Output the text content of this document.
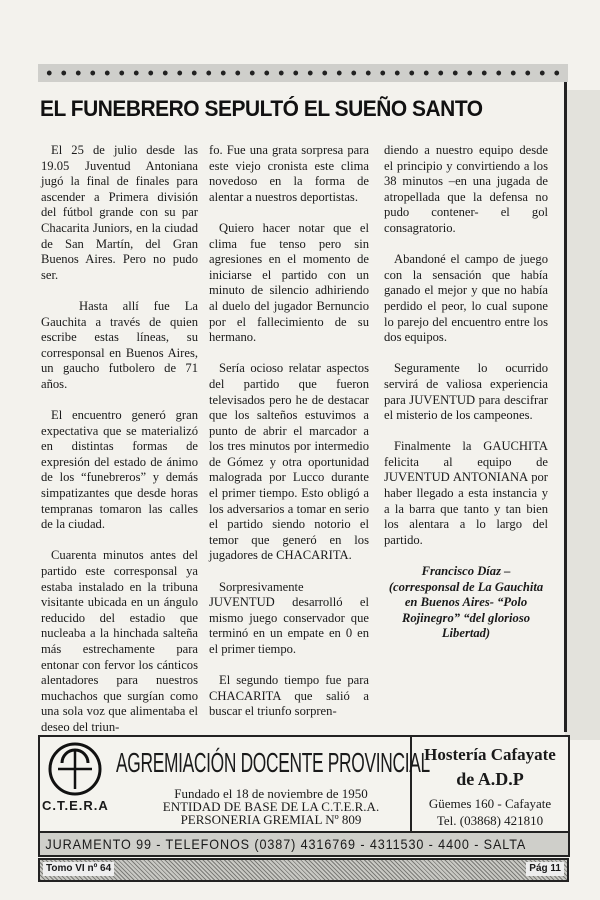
EL FUNEBRERO SEPULTÓ EL SUEÑO SANTO

El 25 de julio desde las 19.05 Juventud Antoniana jugó la final de finales para ascender a Primera división del fútbol grande con su par Chacarita Juniors, en la ciudad de San Martín, del Gran Buenos Aires. Pero no pudo ser.

Hasta allí fue La Gauchita a través de quien escribe estas líneas, su corresponsal en Buenos Aires, un gaucho futbolero de 71 años.

El encuentro generó gran expectativa que se materializó en distintas formas de expresión del estado de ánimo de los “funebreros” y demás simpatizantes que desde horas tempranas tomaron las calles de la ciudad.

Cuarenta minutos antes del partido este corresponsal ya estaba instalado en la tribuna visitante ubicada en un ángulo reducido del estadio que nucleaba a la hinchada salteña más estrechamente para entonar con fervor los cánticos alentadores para nuestros muchachos que surgían como una sola voz que alimentaba el deseo del triun-

fo. Fue una grata sorpresa para este viejo cronista este clima novedoso en la forma de alentar a nuestros deportistas.

Quiero hacer notar que el clima fue tenso pero sin agresiones en el momento de iniciarse el partido con un minuto de silencio adhiriendo al duelo del jugador Bernuncio por el fallecimiento de su hermano.

Sería ocioso relatar aspectos del partido que fueron televisados pero he de destacar que los salteños estuvimos a punto de abrir el marcador a los tres minutos por intermedio de Gómez y otra oportunidad malograda por Lucco durante el primer tiempo. Esto obligó a los adversarios a tomar en serio el partido siendo notorio el temor que generó en los jugadores de CHACARITA.

Sorpresivamente JUVENTUD desarrolló el mismo juego conservador que terminó en un empate en 0 en el primer tiempo.

El segundo tiempo fue para CHACARITA que salió a buscar el triunfo sorpren-

diendo a nuestro equipo desde el principio y convirtiendo a los 38 minutos –en una jugada de atropellada que la defensa no pudo contener- el gol consagratorio.

Abandoné el campo de juego con la sensación que había ganado el mejor y que no había perdido el peor, lo cual supone lo parejo del encuentro entre los dos equipos.

Seguramente lo ocurrido servirá de valiosa experiencia para JUVENTUD para descifrar el misterio de los campeones.

Finalmente la GAUCHITA felicita al equipo de JUVENTUD ANTONIANA por haber llegado a esta instancia y a la barra que tanto y tan bien los alentara a lo largo del partido.

Francisco Díaz –

(corresponsal de La Gauchita en Buenos Aires- “Polo Rojinegro” “del glorioso Libertad)

C.T.E.R.A
AGREMIACIÓN DOCENTE PROVINCIAL
Fundado el 18 de noviembre de 1950
ENTIDAD DE BASE DE LA C.T.E.R.A.
PERSONERIA GREMIAL Nº 809
Hostería Cafayate
de A.D.P
Güemes 160 - Cafayate
Tel. (03868) 421810
JURAMENTO 99 - TELEFONOS (0387) 4316769 - 4311530 - 4400 - SALTA
Tomo VI nº 64	Pág 11
